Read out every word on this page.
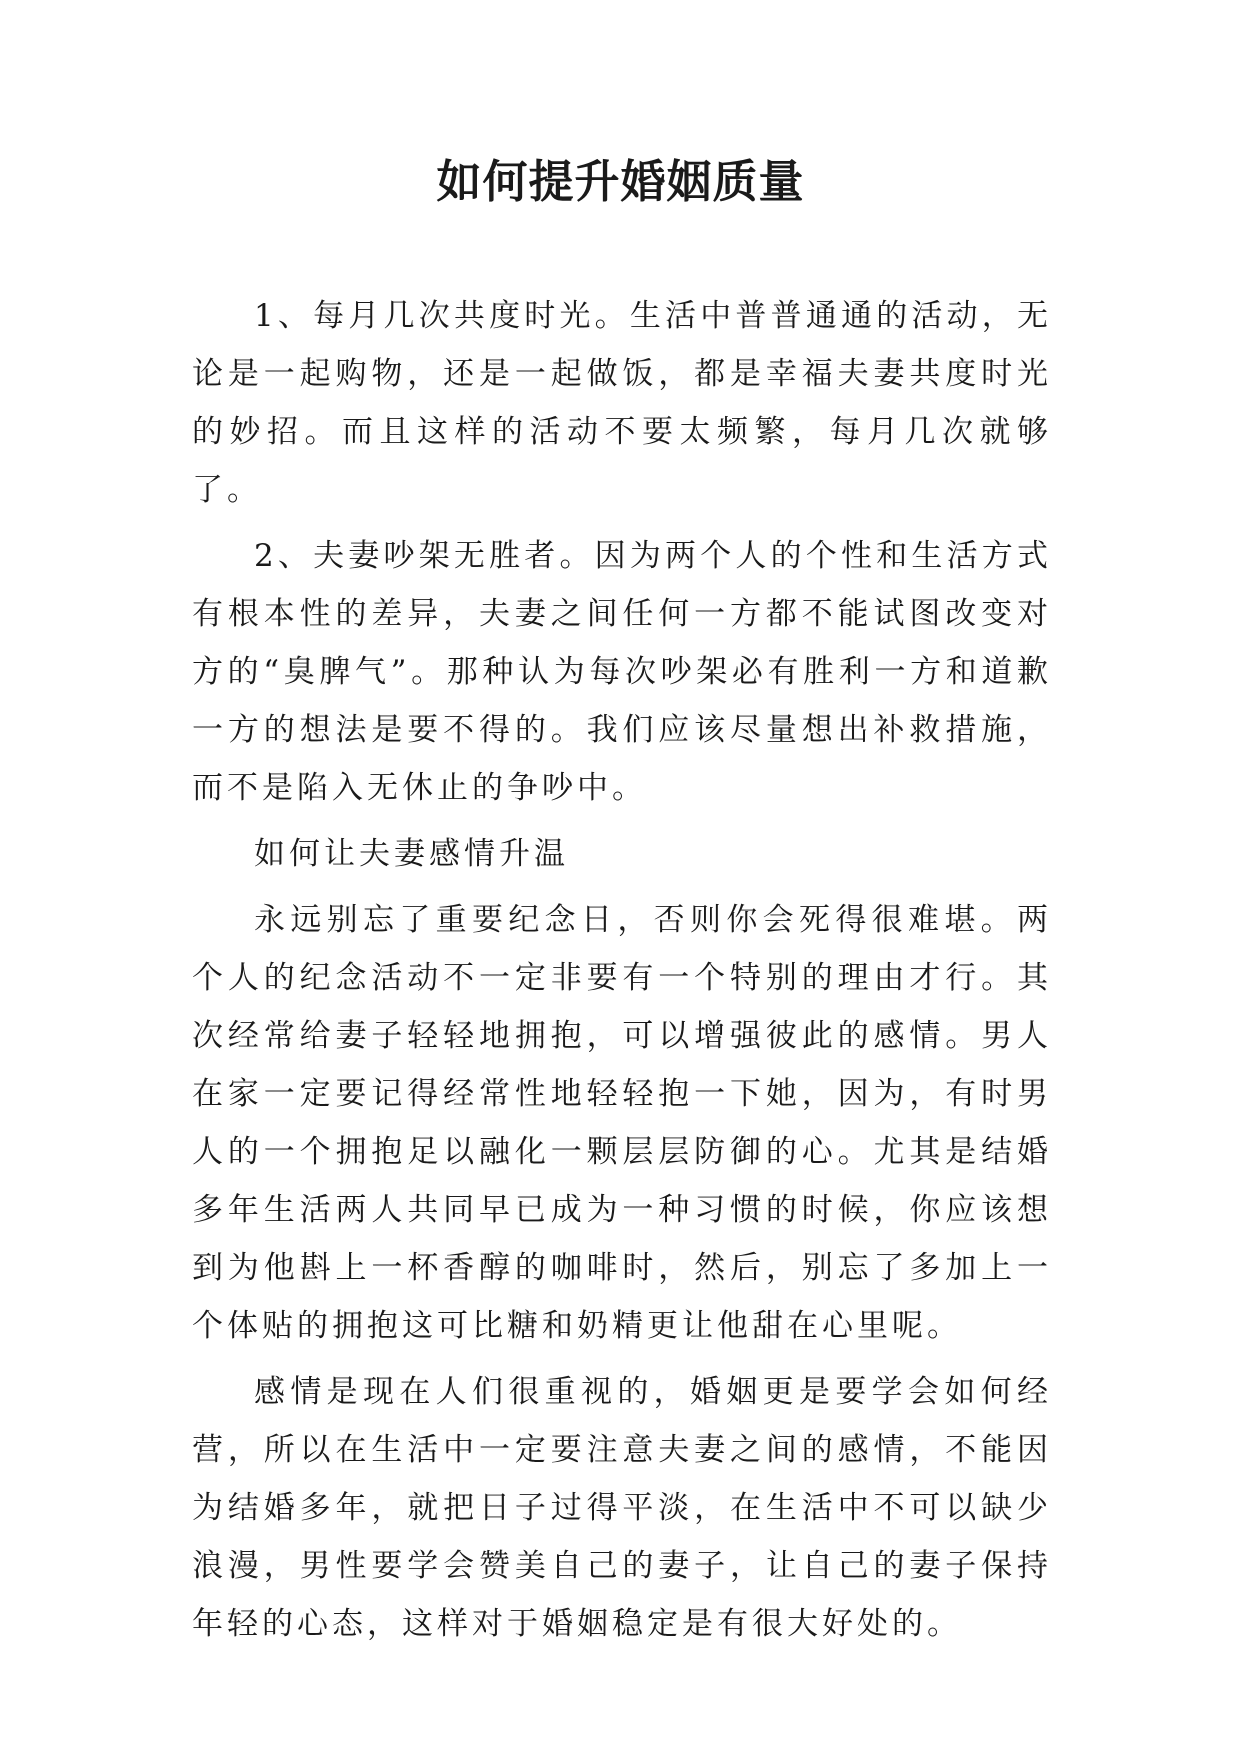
如何提升婚姻质量

1、每月几次共度时光。生活中普普通通的活动，无论是一起购物，还是一起做饭，都是幸福夫妻共度时光的妙招。而且这样的活动不要太频繁，每月几次就够了。

2、夫妻吵架无胜者。因为两个人的个性和生活方式有根本性的差异，夫妻之间任何一方都不能试图改变对方的“臭脾气”。那种认为每次吵架必有胜利一方和道歉一方的想法是要不得的。我们应该尽量想出补救措施，而不是陷入无休止的争吵中。

如何让夫妻感情升温

永远别忘了重要纪念日，否则你会死得很难堪。两个人的纪念活动不一定非要有一个特别的理由才行。其次经常给妻子轻轻地拥抱，可以增强彼此的感情。男人在家一定要记得经常性地轻轻抱一下她，因为，有时男人的一个拥抱足以融化一颗层层防御的心。尤其是结婚多年生活两人共同早已成为一种习惯的时候，你应该想到为他斟上一杯香醇的咖啡时，然后，别忘了多加上一个体贴的拥抱这可比糖和奶精更让他甜在心里呢。

感情是现在人们很重视的，婚姻更是要学会如何经营，所以在生活中一定要注意夫妻之间的感情，不能因为结婚多年，就把日子过得平淡，在生活中不可以缺少浪漫，男性要学会赞美自己的妻子，让自己的妻子保持年轻的心态，这样对于婚姻稳定是有很大好处的。
